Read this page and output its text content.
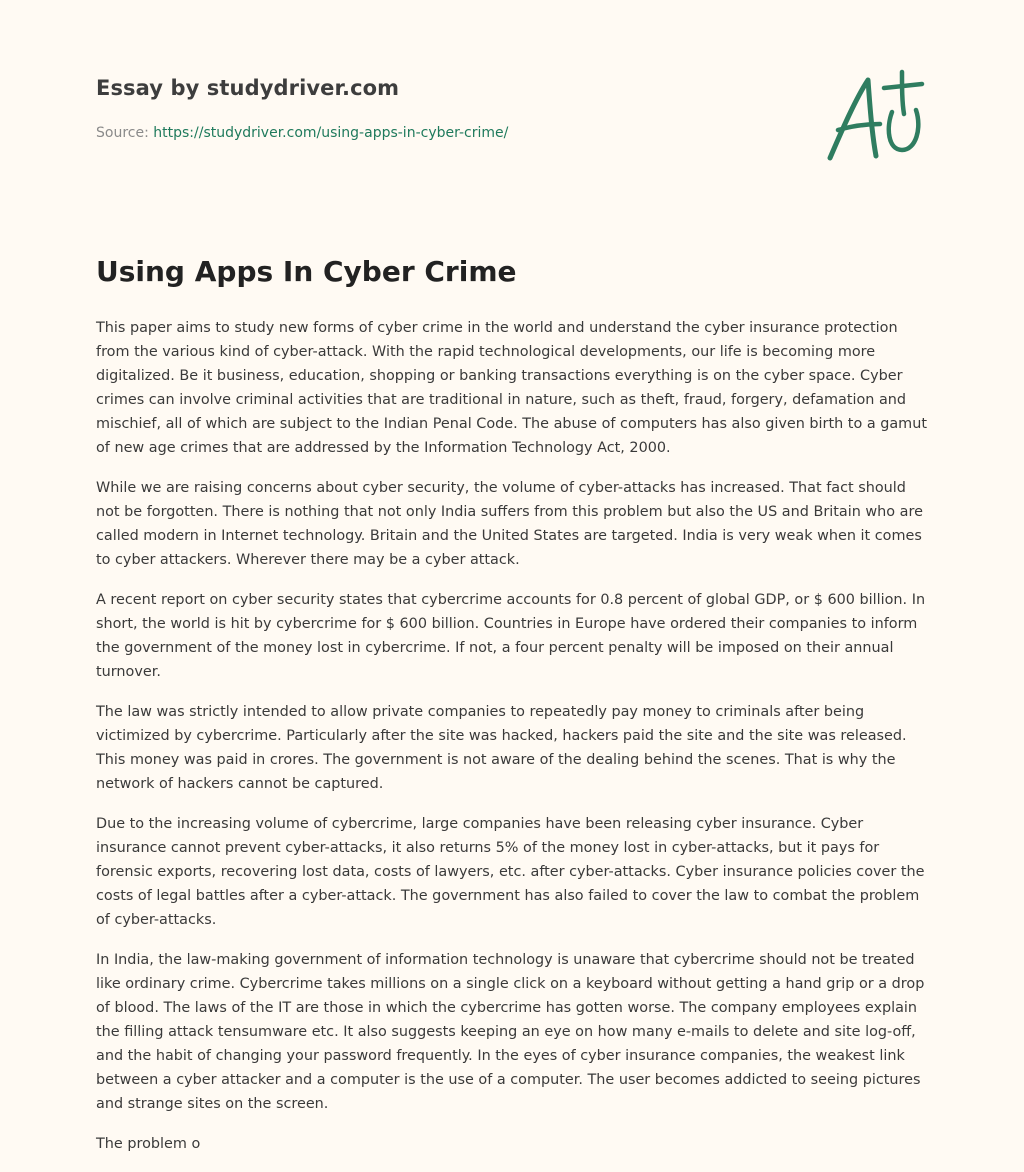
Essay by studydriver.com
Source: https://studydriver.com/using-apps-in-cyber-crime/
Using Apps In Cyber Crime

This paper aims to study new forms of cyber crime in the world and understand the cyber insurance protection from the various kind of cyber-attack. With the rapid technological developments, our life is becoming more digitalized. Be it business, education, shopping or banking transactions everything is on the cyber space. Cyber crimes can involve criminal activities that are traditional in nature, such as theft, fraud, forgery, defamation and mischief, all of which are subject to the Indian Penal Code. The abuse of computers has also given birth to a gamut of new age crimes that are addressed by the Information Technology Act, 2000.

While we are raising concerns about cyber security, the volume of cyber-attacks has increased. That fact should not be forgotten. There is nothing that not only India suffers from this problem but also the US and Britain who are called modern in Internet technology. Britain and the United States are targeted. India is very weak when it comes to cyber attackers. Wherever there may be a cyber attack.

A recent report on cyber security states that cybercrime accounts for 0.8 percent of global GDP, or $ 600 billion. In short, the world is hit by cybercrime for $ 600 billion. Countries in Europe have ordered their companies to inform the government of the money lost in cybercrime. If not, a four percent penalty will be imposed on their annual turnover.

The law was strictly intended to allow private companies to repeatedly pay money to criminals after being victimized by cybercrime. Particularly after the site was hacked, hackers paid the site and the site was released. This money was paid in crores. The government is not aware of the dealing behind the scenes. That is why the network of hackers cannot be captured.

Due to the increasing volume of cybercrime, large companies have been releasing cyber insurance. Cyber insurance cannot prevent cyber-attacks, it also returns 5% of the money lost in cyber-attacks, but it pays for forensic exports, recovering lost data, costs of lawyers, etc. after cyber-attacks. Cyber insurance policies cover the costs of legal battles after a cyber-attack. The government has also failed to cover the law to combat the problem of cyber-attacks.

In India, the law-making government of information technology is unaware that cybercrime should not be treated like ordinary crime. Cybercrime takes millions on a single click on a keyboard without getting a hand grip or a drop of blood. The laws of the IT are those in which the cybercrime has gotten worse. The company employees explain the filling attack tensumware etc. It also suggests keeping an eye on how many e-mails to delete and site log-off, and the habit of changing your password frequently. In the eyes of cyber insurance companies, the weakest link between a cyber attacker and a computer is the use of a computer. The user becomes addicted to seeing pictures and strange sites on the screen.

The problem o
